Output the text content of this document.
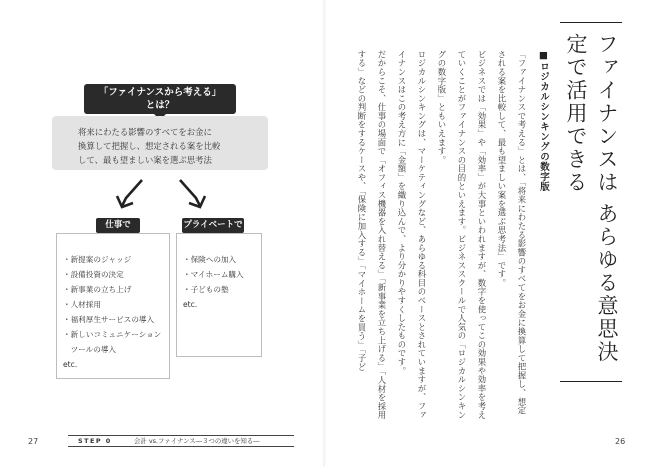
「ファイナンスから考える」
とは？
将来にわたる影響のすべてをお金に
換算して把握し、想定される案を比較
して、最も望ましい案を選ぶ思考法
仕事で
・新提案のジャッジ
・設備投資の決定
・新事業の立ち上げ
・人材採用
・福利厚生サービスの導入
・新しいコミュニケーション
　ツールの導入
etc.
プライベートで
・保険への加入
・マイホーム購入
・子どもの塾
etc.
27	STEP 0	会計 vs.ファイナンス―３つの違いを知る―
ファイナンスは あらゆる意思決定で活用できる
■ロジカルシンキングの数字版

「ファイナンスで考える」とは、「将来にわたる影響のすべてをお金に換算して把握し、想定される案を比較して、最も望ましい案を選ぶ思考法」です。

ビジネスでは「効果」や「効率」が大事といわれますが、数字を使ってこの効果や効率を考えていくことがファイナンスの目的といえます。ビジネススクールで人気の「ロジカルシンキングの数字版」ともいえます。

ロジカルシンキングは、マーケティングなど、あらゆる科目のベースとされていますが、ファイナンスはこの考え方に「金額」を織り込んで、より分かりやすくしたものです。

だからこそ、仕事の場面で「オフィス機器を入れ替える」「新事業を立ち上げる」「人材を採用する」などの判断をするケースや、「保険に加入する」「マイホームを買う」「子ど

26
